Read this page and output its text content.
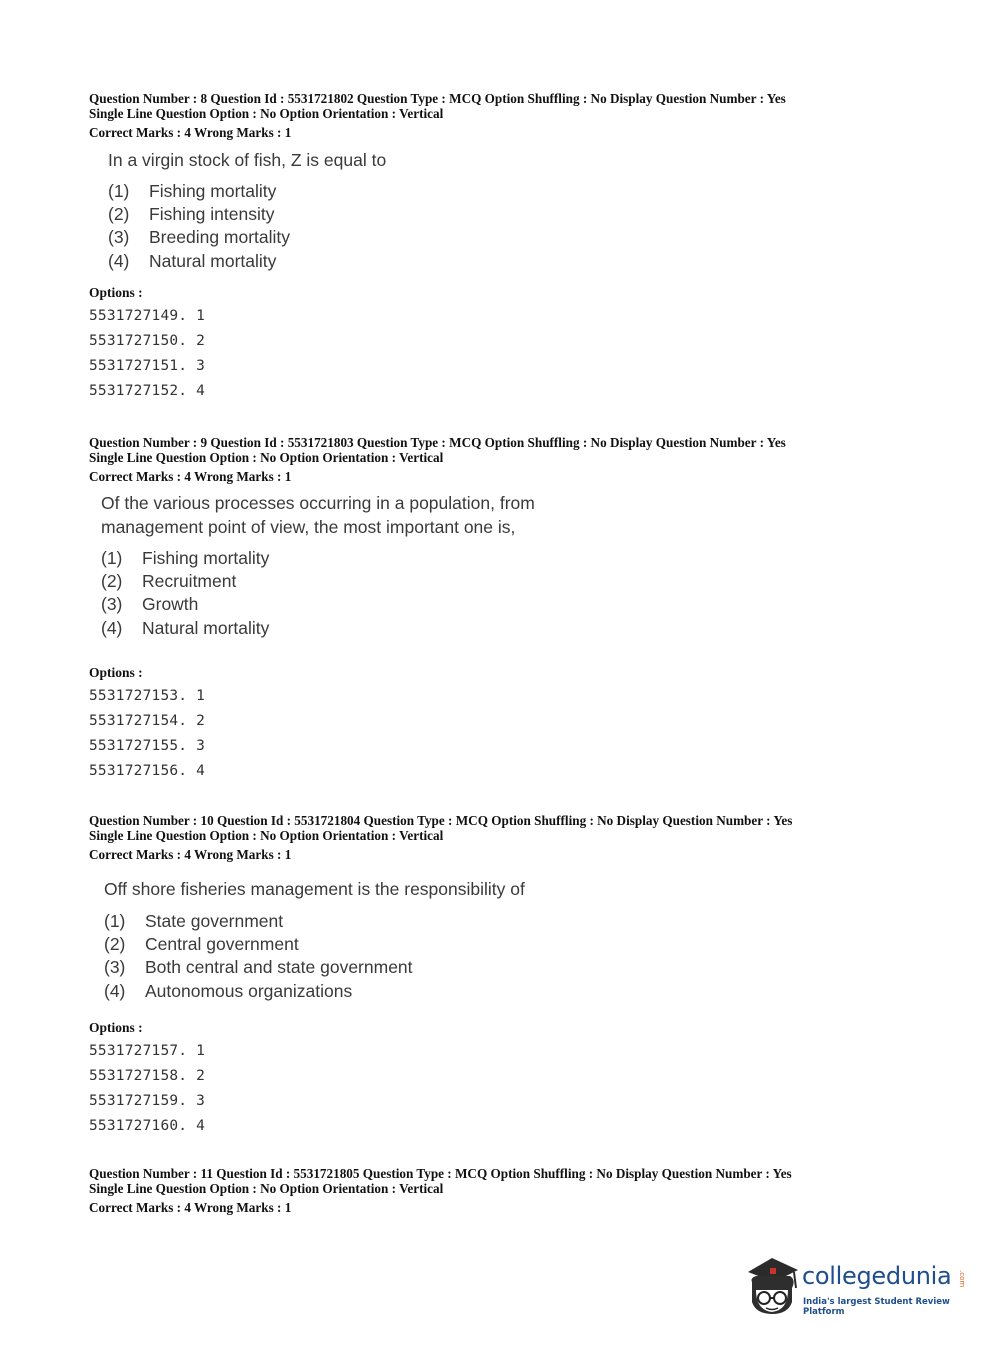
Question Number : 8 Question Id : 5531721802 Question Type : MCQ Option Shuffling : No Display Question Number : Yes
Single Line Question Option : No Option Orientation : Vertical
Correct Marks : 4 Wrong Marks : 1
In a virgin stock of fish, Z is equal to
(1)	Fishing mortality
(2)	Fishing intensity
(3)	Breeding mortality
(4)	Natural mortality
Options :
5531727149. 1
5531727150. 2
5531727151. 3
5531727152. 4
Question Number : 9 Question Id : 5531721803 Question Type : MCQ Option Shuffling : No Display Question Number : Yes
Single Line Question Option : No Option Orientation : Vertical
Correct Marks : 4 Wrong Marks : 1
Of the various processes occurring in a population, from
management point of view, the most important one is,
(1)	Fishing mortality
(2)	Recruitment
(3)	Growth
(4)	Natural mortality
Options :
5531727153. 1
5531727154. 2
5531727155. 3
5531727156. 4
Question Number : 10 Question Id : 5531721804 Question Type : MCQ Option Shuffling : No Display Question Number : Yes
Single Line Question Option : No Option Orientation : Vertical
Correct Marks : 4 Wrong Marks : 1
Off shore fisheries management is the responsibility of
(1)	State government
(2)	Central government
(3)	Both central and state government
(4)	Autonomous organizations
Options :
5531727157. 1
5531727158. 2
5531727159. 3
5531727160. 4
Question Number : 11 Question Id : 5531721805 Question Type : MCQ Option Shuffling : No Display Question Number : Yes
Single Line Question Option : No Option Orientation : Vertical
Correct Marks : 4 Wrong Marks : 1
collegedunia .com
India's largest Student Review Platform
